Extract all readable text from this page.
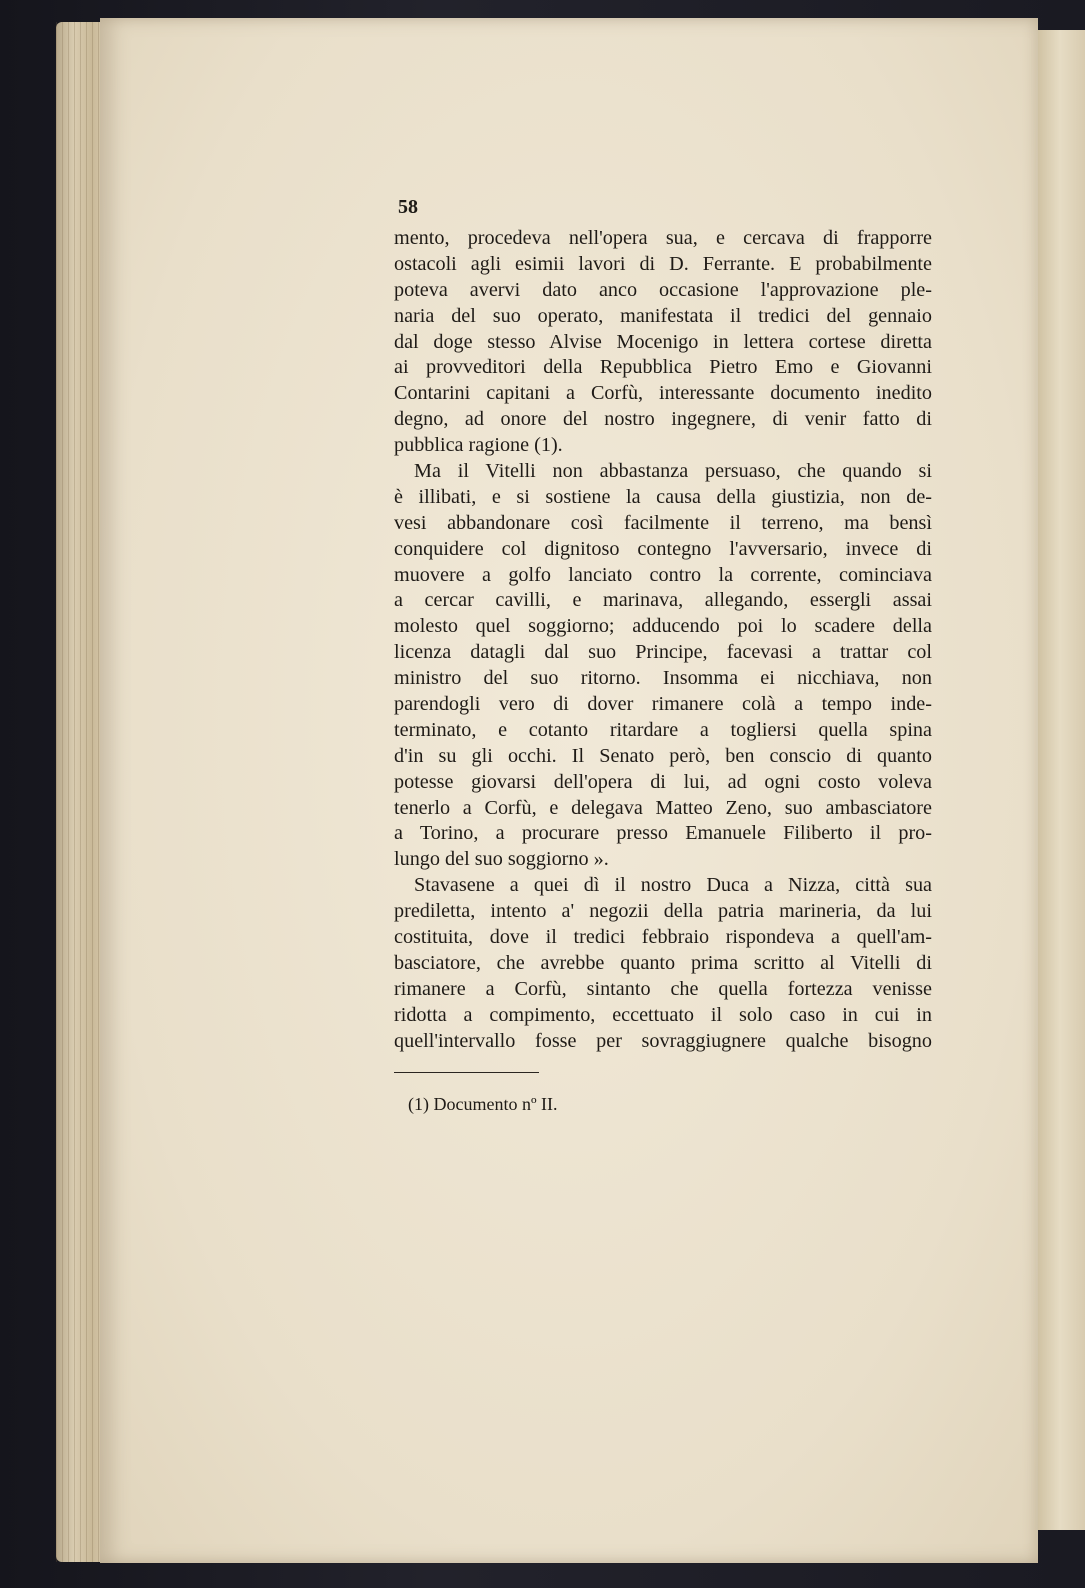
58

mento, procedeva nell'opera sua, e cercava di frapporre
ostacoli agli esimii lavori di D. Ferrante. E probabilmente
poteva avervi dato anco occasione l'approvazione ple-
naria del suo operato, manifestata il tredici del gennaio
dal doge stesso Alvise Mocenigo in lettera cortese diretta
ai provveditori della Repubblica Pietro Emo e Giovanni
Contarini capitani a Corfù, interessante documento inedito
degno, ad onore del nostro ingegnere, di venir fatto di
pubblica ragione (1).
Ma il Vitelli non abbastanza persuaso, che quando si
è illibati, e si sostiene la causa della giustizia, non de-
vesi abbandonare così facilmente il terreno, ma bensì
conquidere col dignitoso contegno l'avversario, invece di
muovere a golfo lanciato contro la corrente, cominciava
a cercar cavilli, e marinava, allegando, essergli assai
molesto quel soggiorno; adducendo poi lo scadere della
licenza datagli dal suo Principe, facevasi a trattar col
ministro del suo ritorno. Insomma ei nicchiava, non
parendogli vero di dover rimanere colà a tempo inde-
terminato, e cotanto ritardare a togliersi quella spina
d'in su gli occhi. Il Senato però, ben conscio di quanto
potesse giovarsi dell'opera di lui, ad ogni costo voleva
tenerlo a Corfù, e delegava Matteo Zeno, suo ambasciatore
a Torino, a procurare presso Emanuele Filiberto il pro-
lungo del suo soggiorno ».
Stavasene a quei dì il nostro Duca a Nizza, città sua
prediletta, intento a' negozii della patria marineria, da lui
costituita, dove il tredici febbraio rispondeva a quell'am-
basciatore, che avrebbe quanto prima scritto al Vitelli di
rimanere a Corfù, sintanto che quella fortezza venisse
ridotta a compimento, eccettuato il solo caso in cui in
quell'intervallo fosse per sovraggiugnere qualche bisogno

(1) Documento nº II.
